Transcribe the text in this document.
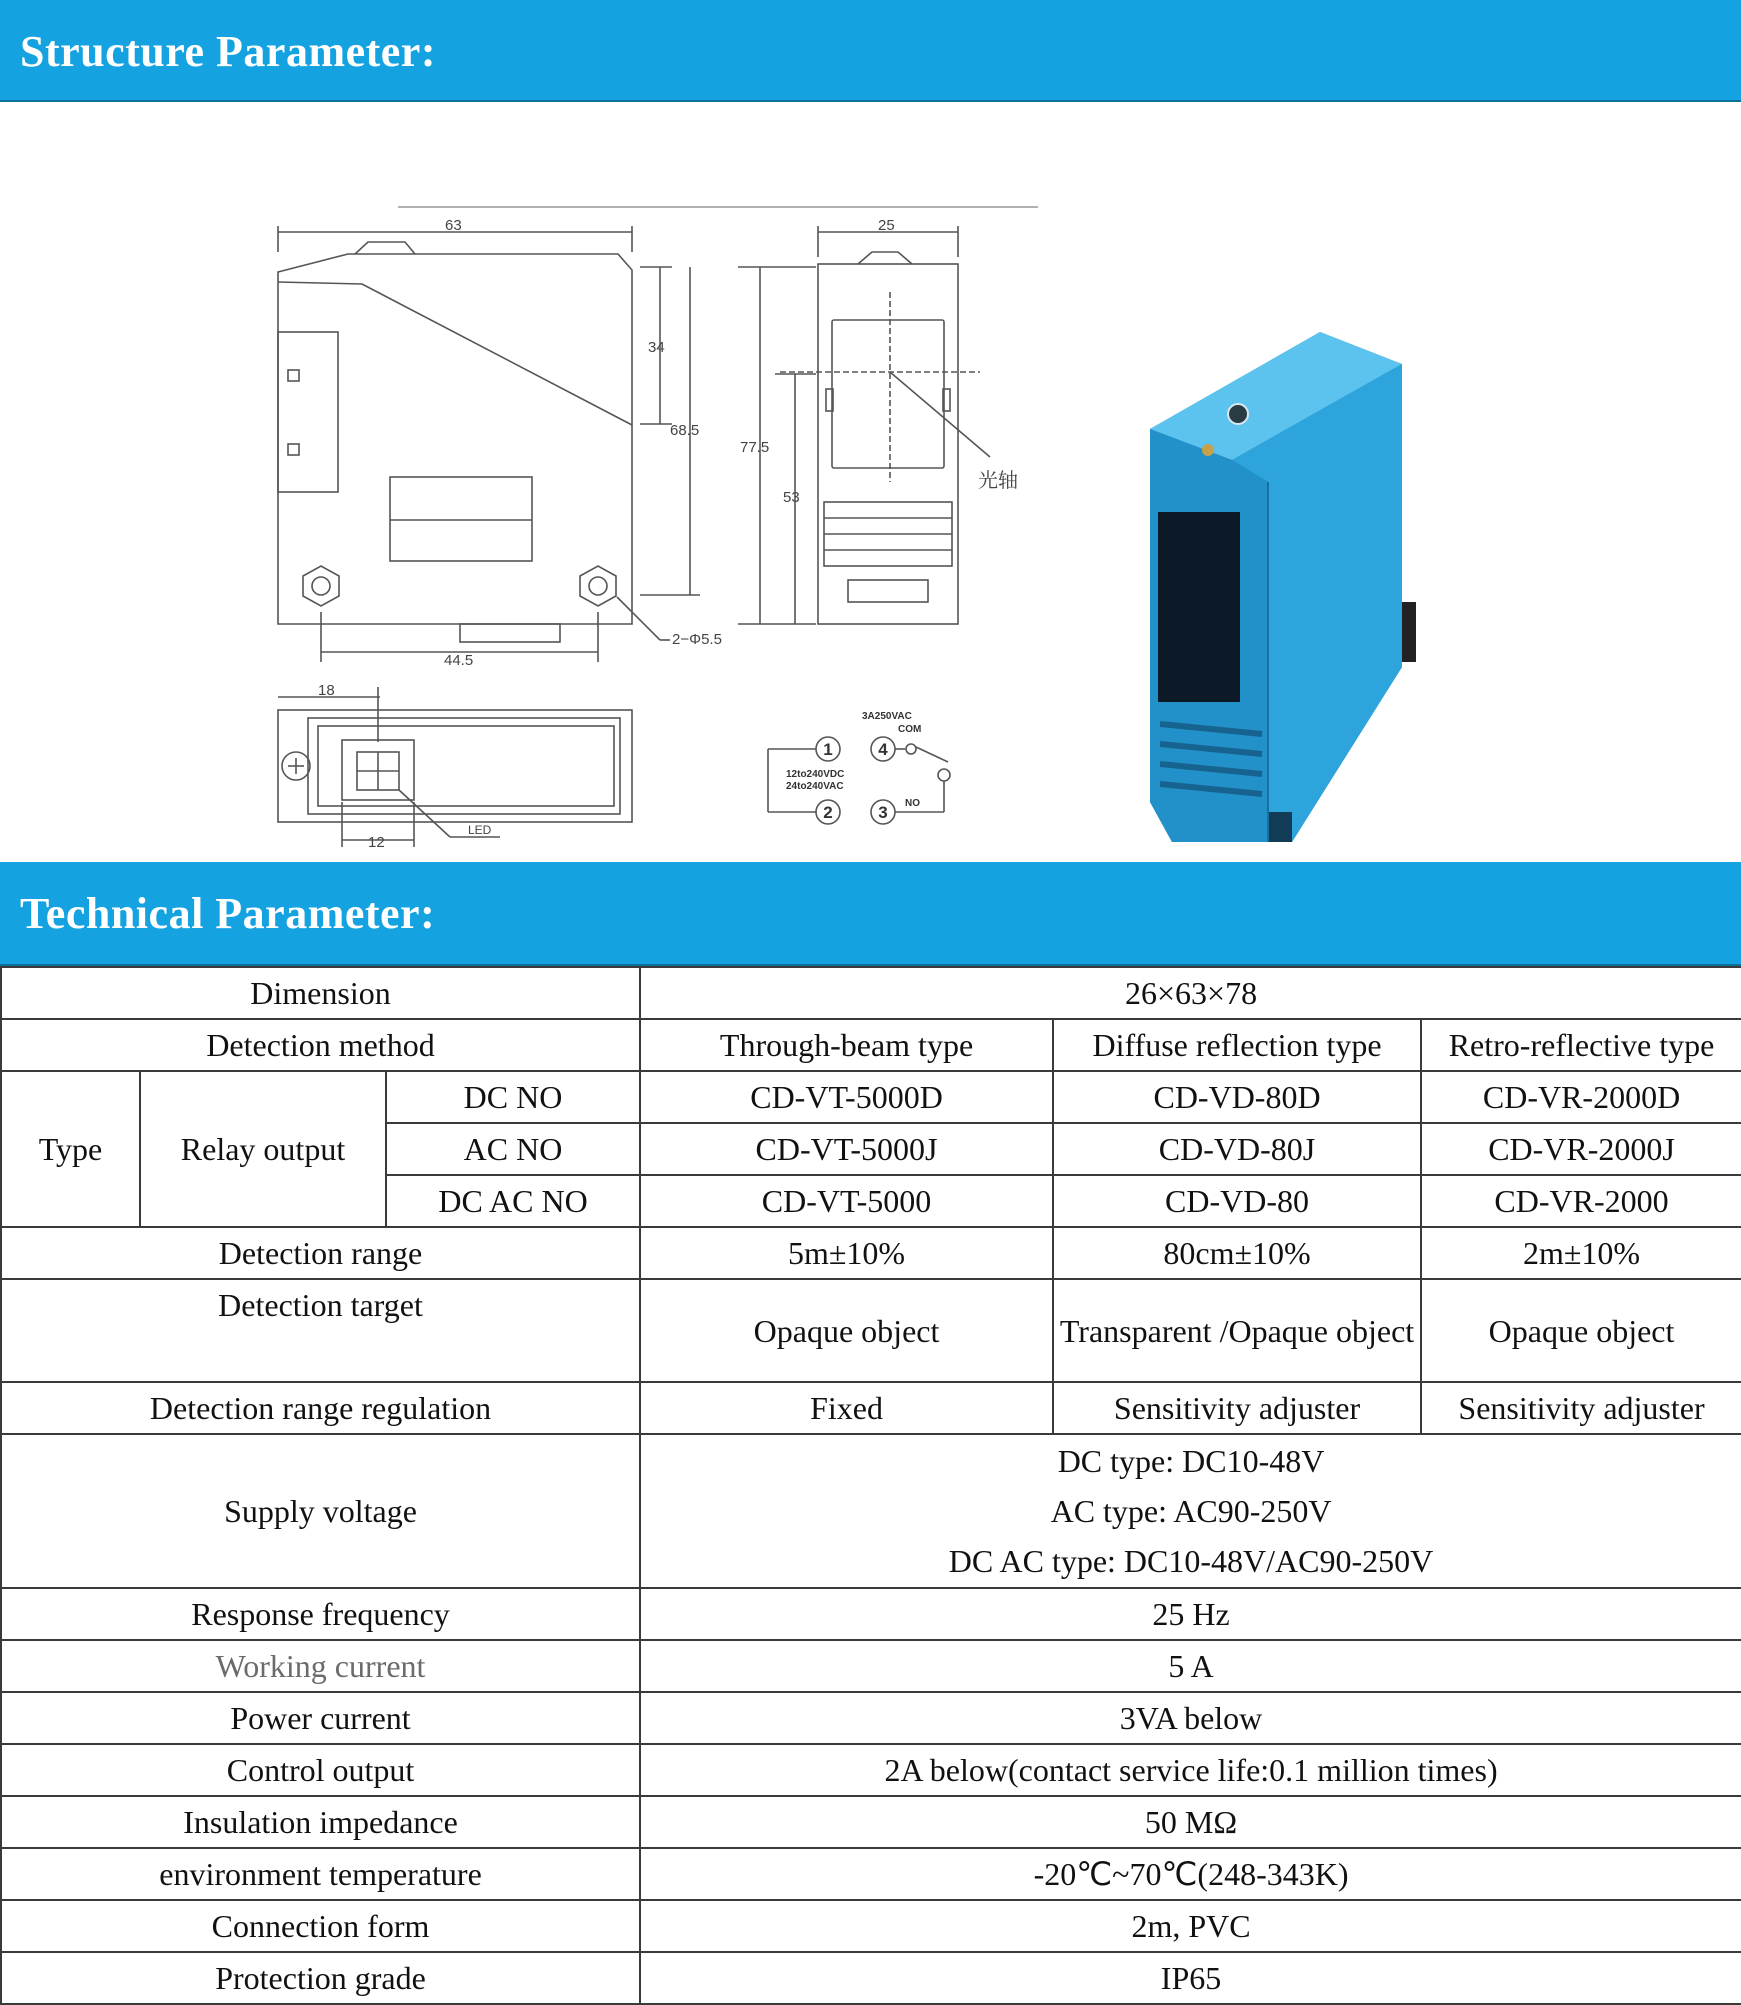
Structure Parameter:
63	25
34
68.5
77.5
53
44.5
2−Φ5.5
18
12
LED
光轴
3A250VAC
COM
NO
12to240VDC
24to240VAC
1
2	3
4
Technical Parameter:
Dimension			26×63×78		
Detection method			Through-beam type	Diffuse reflection type	Retro-reflective type
Type	Relay output	DC NO	CD-VT-5000D	CD-VD-80D	CD-VR-2000D
		AC NO	CD-VT-5000J	CD-VD-80J	CD-VR-2000J
		DC AC NO	CD-VT-5000	CD-VD-80	CD-VR-2000
Detection range			5m±10%	80cm±10%	2m±10%
Detection target			Opaque object	Transparent /Opaque object	Opaque object
Detection range regulation			Fixed	Sensitivity adjuster	Sensitivity adjuster
Supply voltage			DC type: DC10-48V
AC type: AC90-250V
DC AC type: DC10-48V/AC90-250V		

Response frequency			25 Hz		
Working current			5 A		
Power current			3VA below		
Control output			2A below(contact service life:0.1 million times)		
Insulation impedance			50 MΩ		
environment temperature			-20℃~70℃(248-343K)		
Connection form			2m, PVC		
Protection grade			IP65		
